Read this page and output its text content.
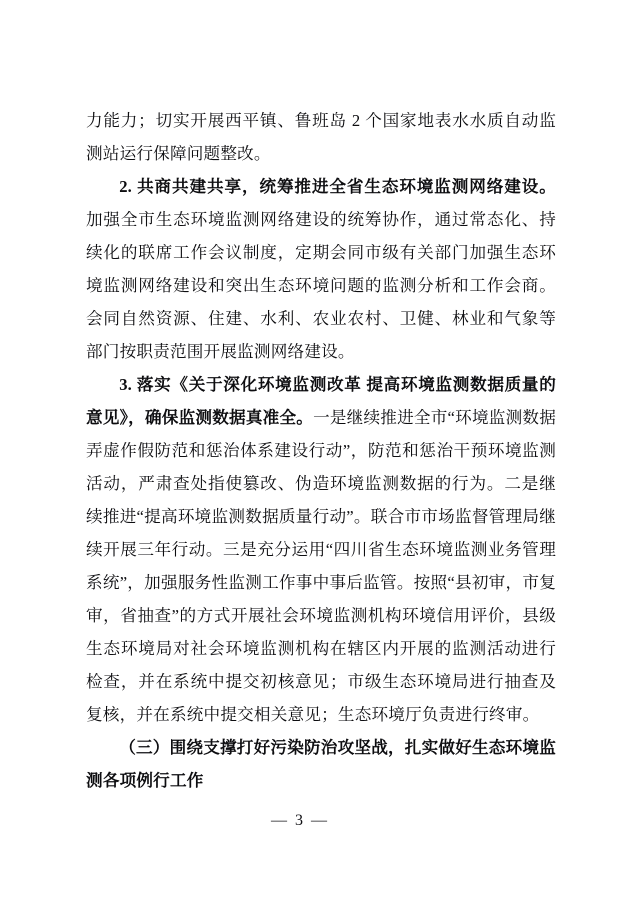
力能力；切实开展西平镇、鲁班岛 2 个国家地表水水质自动监测站运行保障问题整改。

2. 共商共建共享，统筹推进全省生态环境监测网络建设。加强全市生态环境监测网络建设的统筹协作，通过常态化、持续化的联席工作会议制度，定期会同市级有关部门加强生态环境监测网络建设和突出生态环境问题的监测分析和工作会商。会同自然资源、住建、水利、农业农村、卫健、林业和气象等部门按职责范围开展监测网络建设。

3. 落实《关于深化环境监测改革 提高环境监测数据质量的意见》，确保监测数据真准全。一是继续推进全市“环境监测数据弄虚作假防范和惩治体系建设行动”，防范和惩治干预环境监测活动，严肃查处指使篡改、伪造环境监测数据的行为。二是继续推进“提高环境监测数据质量行动”。联合市市场监督管理局继续开展三年行动。三是充分运用“四川省生态环境监测业务管理系统”，加强服务性监测工作事中事后监管。按照“县初审，市复审，省抽查”的方式开展社会环境监测机构环境信用评价，县级生态环境局对社会环境监测机构在辖区内开展的监测活动进行检查，并在系统中提交初核意见；市级生态环境局进行抽查及复核，并在系统中提交相关意见；生态环境厅负责进行终审。

（三）围绕支撑打好污染防治攻坚战，扎实做好生态环境监测各项例行工作

— 3 —
